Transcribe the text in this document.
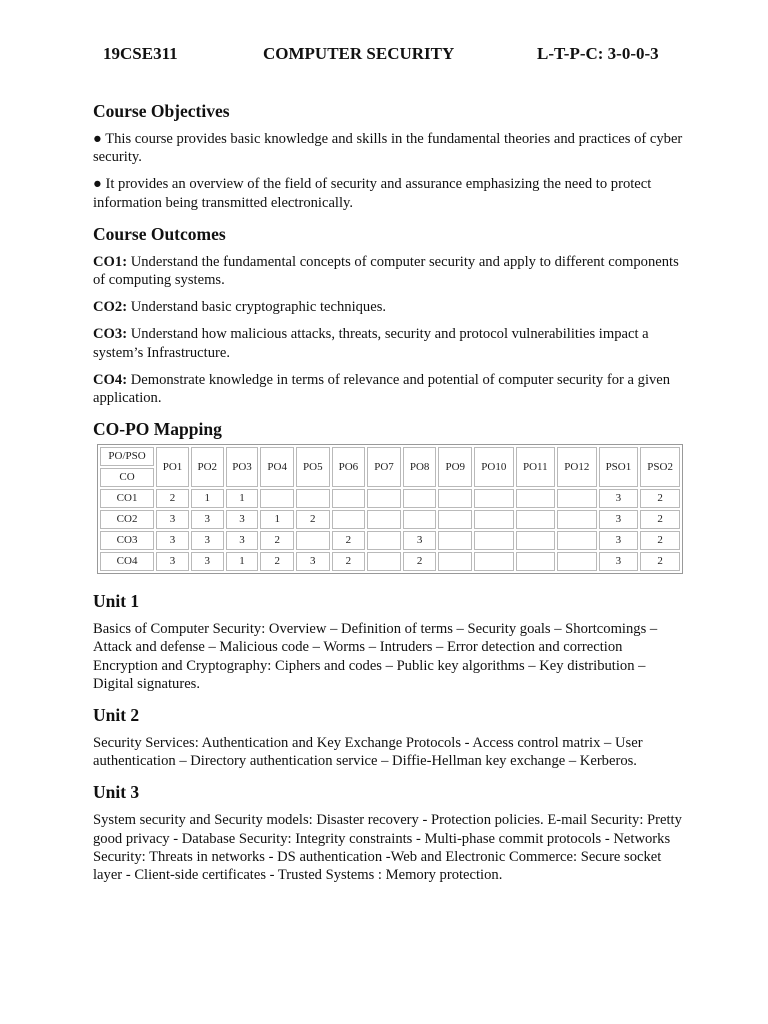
19CSE311	COMPUTER SECURITY	L-T-P-C: 3-0-0-3
Course Objectives

● This course provides basic knowledge and skills in the fundamental theories and practices of cyber security.

● It provides an overview of the field of security and assurance emphasizing the need to protect information being transmitted electronically.

Course Outcomes

CO1: Understand the fundamental concepts of computer security and apply to different components of computing systems.

CO2: Understand basic cryptographic techniques.

CO3: Understand how malicious attacks, threats, security and protocol vulnerabilities impact a system’s Infrastructure.

CO4: Demonstrate knowledge in terms of relevance and potential of computer security for a given application.

CO-PO Mapping
PO/PSO	PO1	PO2	PO3	PO4	PO5	PO6	PO7	PO8	PO9	PO10	PO11	PO12	PSO1	PSO2
CO														
CO1	2	1	1										3	2
CO2	3	3	3	1	2								3	2
CO3	3	3	3	2		2		3					3	2
CO4	3	3	1	2	3	2		2					3	2
Unit 1

Basics of Computer Security: Overview – Definition of terms – Security goals – Shortcomings – Attack and defense – Malicious code – Worms – Intruders – Error detection and correction Encryption and Cryptography: Ciphers and codes – Public key algorithms – Key distribution – Digital signatures.

Unit 2

Security Services: Authentication and Key Exchange Protocols - Access control matrix – User authentication – Directory authentication service – Diffie-Hellman key exchange – Kerberos.

Unit 3

System security and Security models: Disaster recovery - Protection policies. E-mail Security: Pretty good privacy - Database Security: Integrity constraints - Multi-phase commit protocols - Networks Security: Threats in networks - DS authentication -Web and Electronic Commerce: Secure socket layer - Client-side certificates - Trusted Systems : Memory protection.
